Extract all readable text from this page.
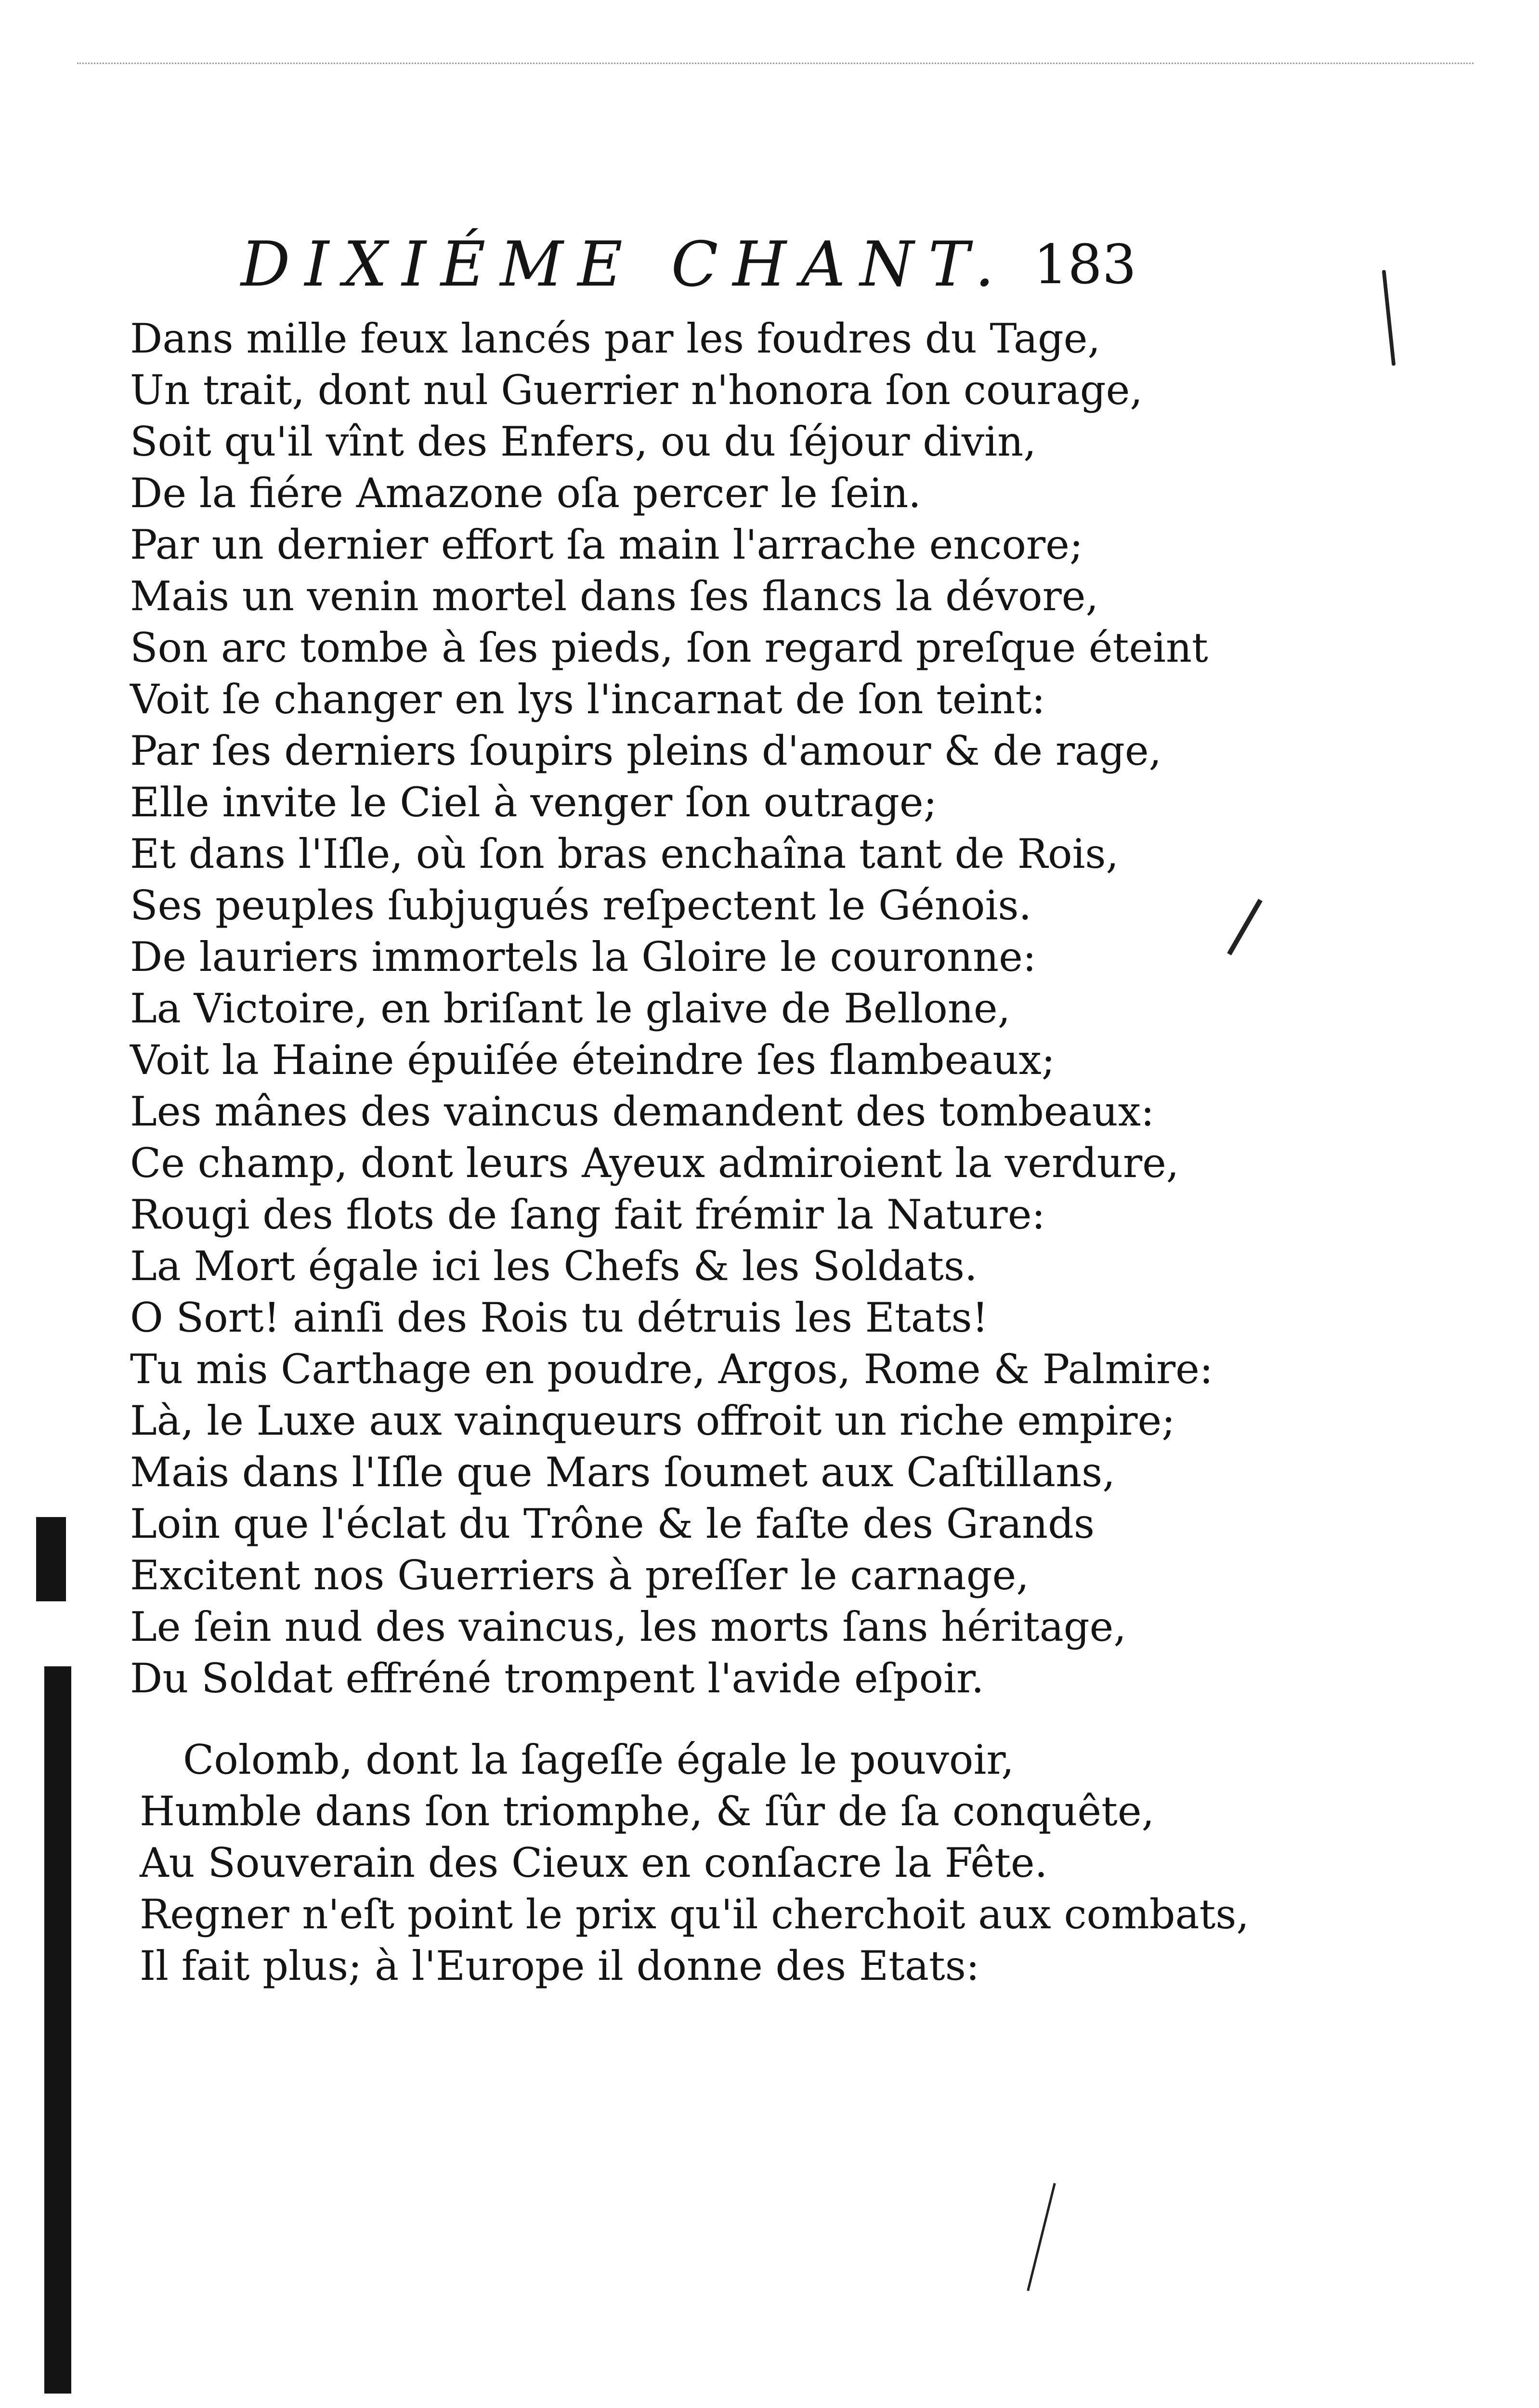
DIXIÉME CHANT. 183
Dans mille feux lancés par les foudres du Tage,
Un trait, dont nul Guerrier n'honora ſon courage,
Soit qu'il vînt des Enfers, ou du ſéjour divin,
De la fiére Amazone oſa percer le ſein.
Par un dernier effort ſa main l'arrache encore;
Mais un venin mortel dans ſes flancs la dévore,
Son arc tombe à ſes pieds, ſon regard preſque éteint
Voit ſe changer en lys l'incarnat de ſon teint:
Par ſes derniers ſoupirs pleins d'amour & de rage,
Elle invite le Ciel à venger ſon outrage;
Et dans l'Iſle, où ſon bras enchaîna tant de Rois,
Ses peuples ſubjugués reſpectent le Génois.
De lauriers immortels la Gloire le couronne:
La Victoire, en briſant le glaive de Bellone,
Voit la Haine épuiſée éteindre ſes flambeaux;
Les mânes des vaincus demandent des tombeaux:
Ce champ, dont leurs Ayeux admiroient la verdure,
Rougi des flots de ſang fait frémir la Nature:
La Mort égale ici les Chefs & les Soldats.
O Sort! ainſi des Rois tu détruis les Etats!
Tu mis Carthage en poudre, Argos, Rome & Palmire:
Là, le Luxe aux vainqueurs offroit un riche empire;
Mais dans l'Iſle que Mars ſoumet aux Caſtillans,
Loin que l'éclat du Trône & le faſte des Grands
Excitent nos Guerriers à preſſer le carnage,
Le ſein nud des vaincus, les morts ſans héritage,
Du Soldat effréné trompent l'avide eſpoir.
Colomb, dont la ſageſſe égale le pouvoir,
Humble dans ſon triomphe, & ſûr de ſa conquête,
Au Souverain des Cieux en conſacre la Fête.
Regner n'eſt point le prix qu'il cherchoit aux combats,
Il fait plus; à l'Europe il donne des Etats:
